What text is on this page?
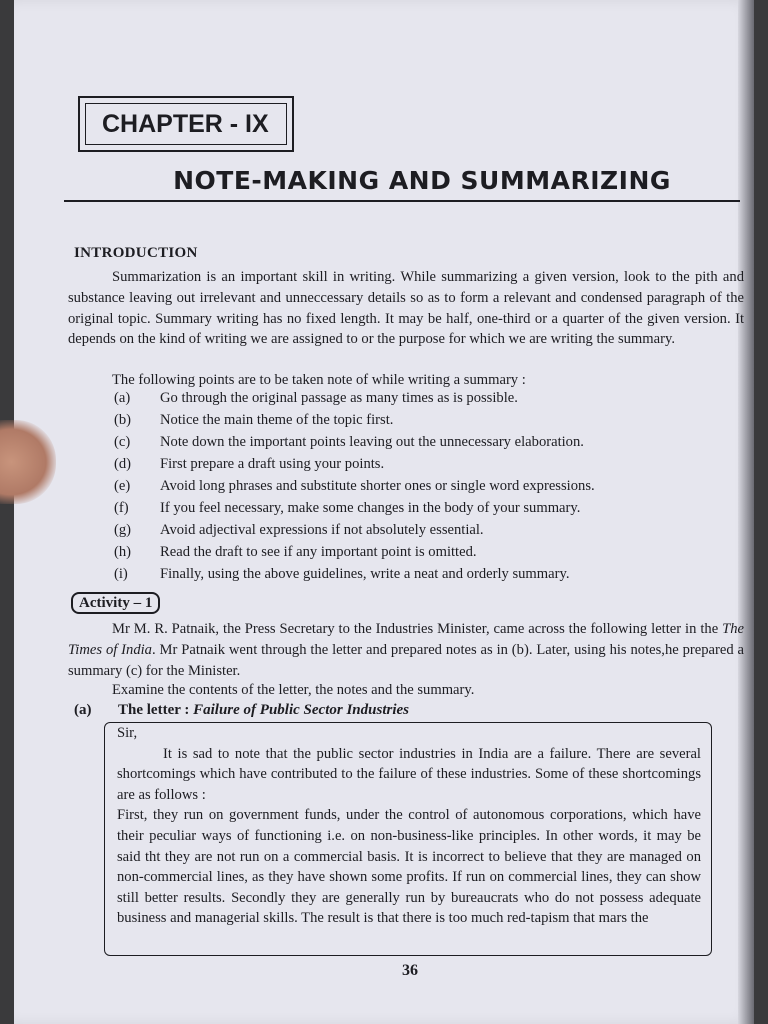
CHAPTER - IX
NOTE-MAKING AND SUMMARIZING
INTRODUCTION
Summarization is an important skill in writing. While summarizing a given version, look to the pith and substance leaving out irrelevant and unneccessary details so as to form a relevant and condensed paragraph of the original topic. Summary writing has no fixed length. It may be half, one-third or a quarter of the given version. It depends on the kind of writing we are assigned to or the purpose for which we are writing the summary.
The following points are to be taken note of while writing a summary :
(a)	Go through the original passage as many times as is possible.
(b)	Notice the main theme of the topic first.
(c)	Note down the important points leaving out the unnecessary elaboration.
(d)	First prepare a draft using your points.
(e)	Avoid long phrases and substitute shorter ones or single word expressions.
(f)	If you feel necessary, make some changes in the body of your summary.
(g)	Avoid adjectival expressions if not absolutely essential.
(h)	Read the draft to see if any important point is omitted.
(i)	Finally, using the above guidelines, write a neat and orderly summary.
Activity – 1
Mr M. R. Patnaik, the Press Secretary to the Industries Minister, came across the following letter in the The Times of India. Mr Patnaik went through the letter and prepared notes as in (b). Later, using his notes,he prepared a summary (c) for the Minister.
Examine the contents of the letter, the notes and the summary.
(a) The letter : Failure of Public Sector Industries
Sir,
It is sad to note that the public sector industries in India are a failure. There are several shortcomings which have contributed to the failure of these industries. Some of these shortcomings are as follows :
First, they run on government funds, under the control of autonomous corporations, which have their peculiar ways of functioning i.e. on non-business-like principles. In other words, it may be said tht they are not run on a commercial basis. It is incorrect to believe that they are managed on non-commercial lines, as they have shown some profits. If run on commercial lines, they can show still better results. Secondly they are generally run by bureaucrats who do not possess adequate business and managerial skills. The result is that there is too much red-tapism that mars the
36
